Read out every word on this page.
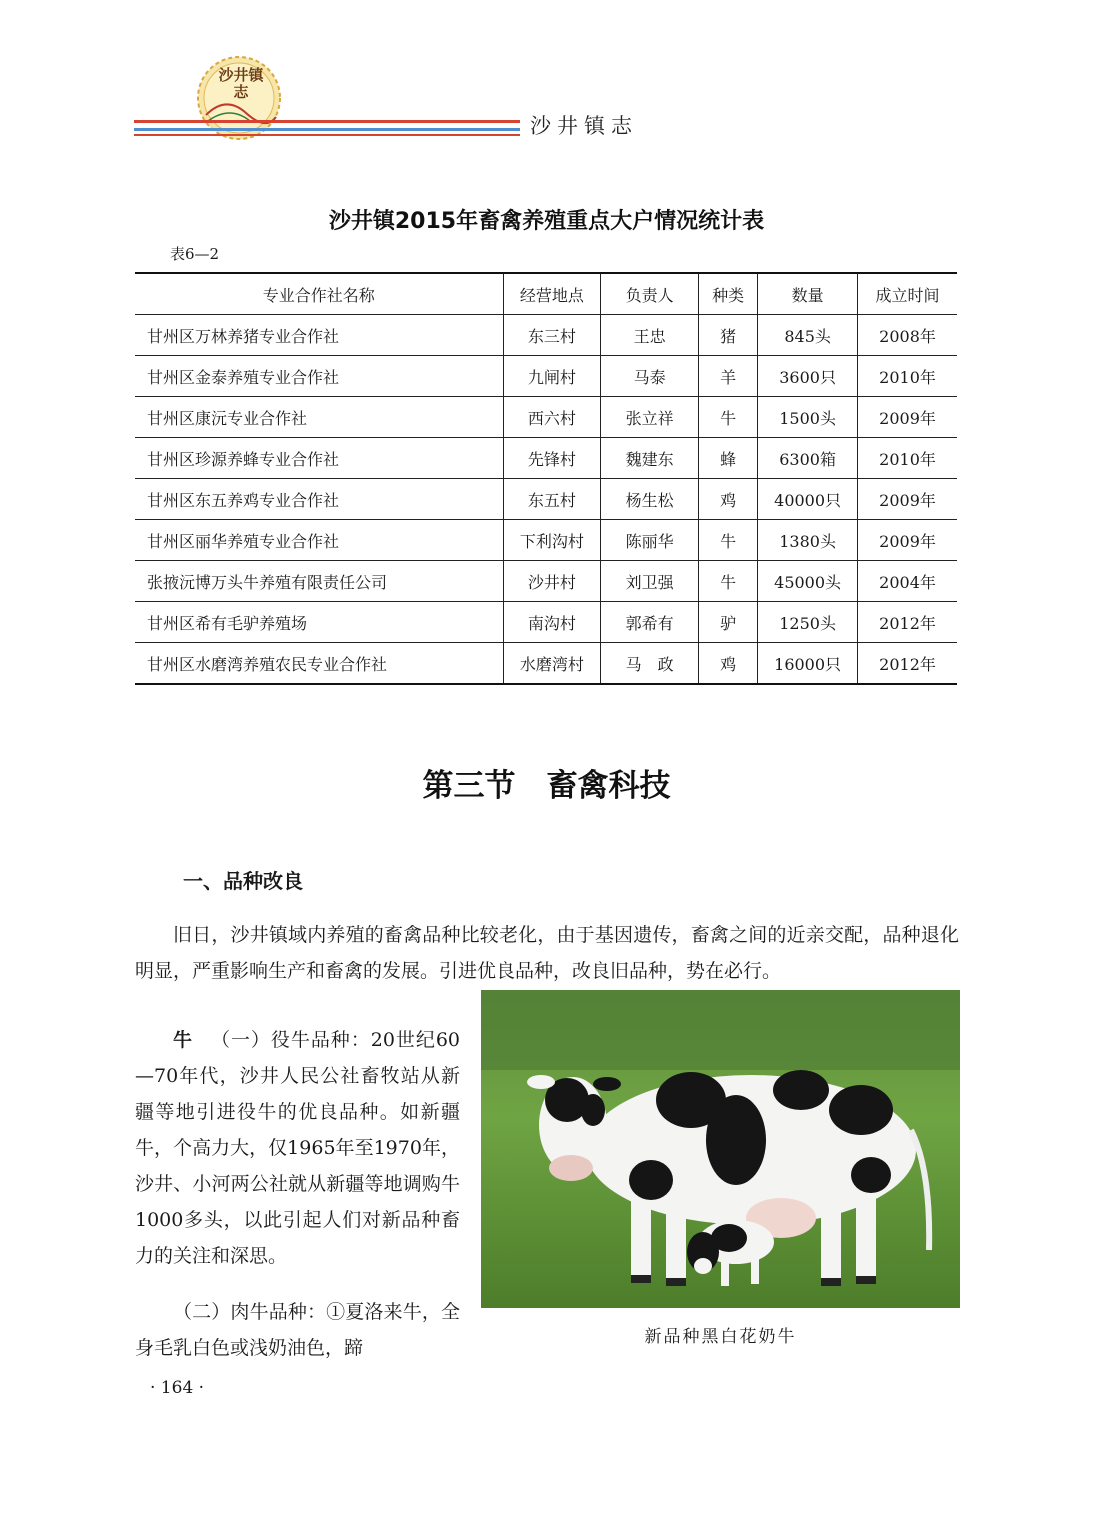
沙井镇志
沙井镇志
沙井镇2015年畜禽养殖重点大户情况统计表
表6—2
专业合作社名称	经营地点	负责人	种类	数量	成立时间
甘州区万林养猪专业合作社	东三村	王忠	猪	845头	2008年
甘州区金泰养殖专业合作社	九闸村	马泰	羊	3600只	2010年
甘州区康沅专业合作社	西六村	张立祥	牛	1500头	2009年
甘州区珍源养蜂专业合作社	先锋村	魏建东	蜂	6300箱	2010年
甘州区东五养鸡专业合作社	东五村	杨生松	鸡	40000只	2009年
甘州区丽华养殖专业合作社	下利沟村	陈丽华	牛	1380头	2009年
张掖沅博万头牛养殖有限责任公司	沙井村	刘卫强	牛	45000头	2004年
甘州区希有毛驴养殖场	南沟村	郭希有	驴	1250头	2012年
甘州区水磨湾养殖农民专业合作社	水磨湾村	马　政	鸡	16000只	2012年
第三节　畜禽科技
一、品种改良
旧日，沙井镇域内养殖的畜禽品种比较老化，由于基因遗传，畜禽之间的近亲交配，品种退化明显，严重影响生产和畜禽的发展。引进优良品种，改良旧品种，势在必行。
牛 （一）役牛品种：20世纪60—70年代，沙井人民公社畜牧站从新疆等地引进役牛的优良品种。如新疆牛，个高力大，仅1965年至1970年，沙井、小河两公社就从新疆等地调购牛1000多头，以此引起人们对新品种畜力的关注和深思。
（二）肉牛品种：①夏洛来牛，全身毛乳白色或浅奶油色，蹄	新品种黑白花奶牛
· 164 ·
